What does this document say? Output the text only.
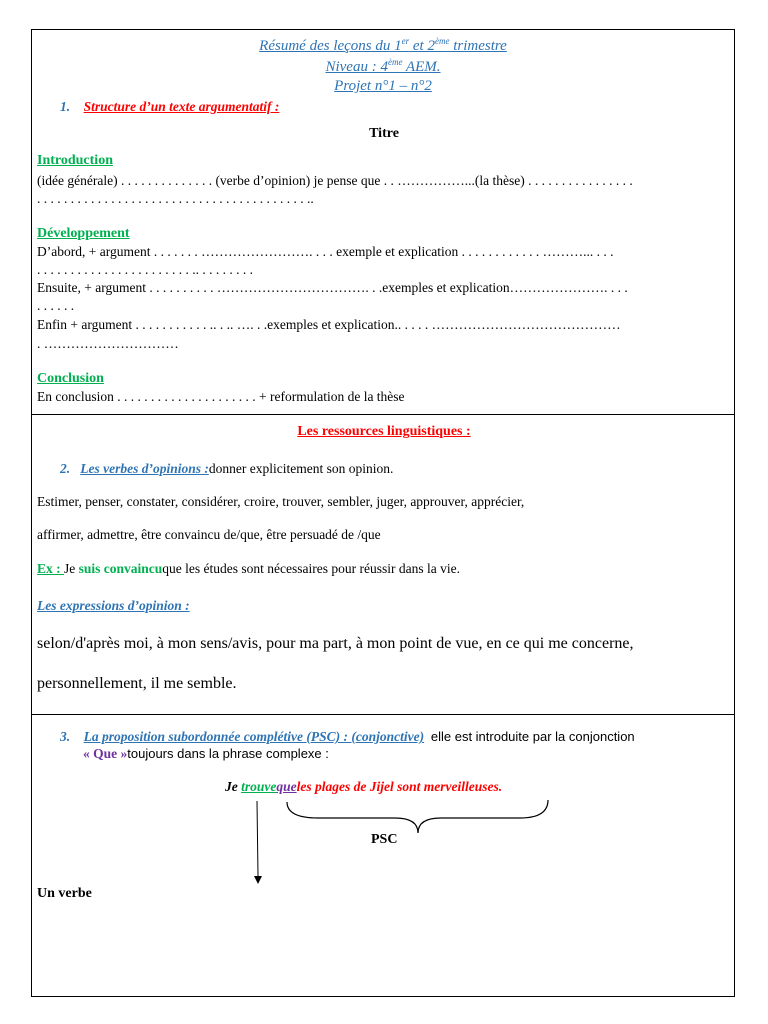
Résumé des leçons du 1er et 2ème trimestre
Niveau : 4ème AEM.
Projet n°1 – n°2
1. Structure d’un texte argumentatif :
Titre
Introduction
(idée générale) . . . . . . . . . . . . . . (verbe d’opinion) je pense que . . ……………...(la thèse) . . . . . . . . . . . . . . . .
. . . . . . . . . . . . . . . . . . . . . . . . . . . . . . . . . . . . . . . . ..
Développement
D’abord, + argument . . . . . . . ……………………. . . . exemple et explication . . . . . . . . . . . . ………... . . .
. . . . . . . . . . . . . . . . . . . . . . . .. . . . . . . . .
Ensuite, + argument . . . . . . . . . . ……………………………. . .exemples et explication…………………. . . .
. . . . . .
Enfin + argument . . . . . . . . . . . .. . .. …. . .exemples et explication.. . . . . ……………………………………
. …………………………
Conclusion
En conclusion . . . . . . . . . . . . . . . . . . . . . + reformulation de la thèse
Les ressources linguistiques :
2. Les verbes d’opinions :donner explicitement son opinion.
Estimer, penser, constater, considérer, croire, trouver, sembler, juger, approuver, apprécier,
affirmer, admettre, être convaincu de/que, être persuadé de /que
Ex : Je suis convaincuque les études sont nécessaires pour réussir dans la vie.
Les expressions d’opinion :
selon/d'après moi, à mon sens/avis, pour ma part, à mon point de vue, en ce qui me concerne,
personnellement, il me semble.
3. La proposition subordonnée complétive (PSC) : (conjonctive) elle est introduite par la conjonction
« Que »toujours dans la phrase complexe :
Je trouvequeles plages de Jijel sont merveilleuses.
PSC
Un verbe
